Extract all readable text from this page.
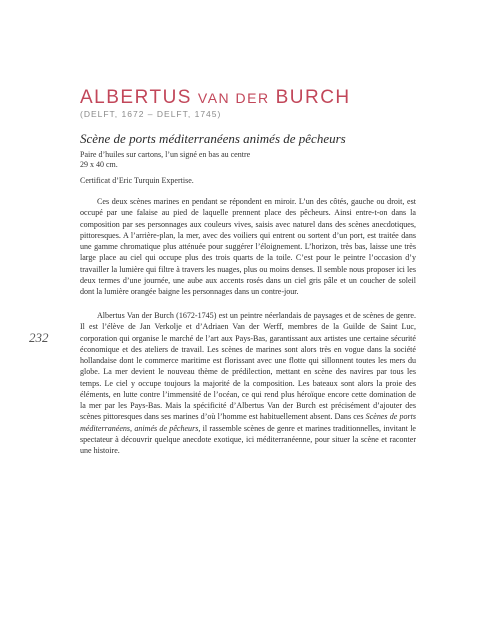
ALBERTUS VAN DER BURCH
(DELFT, 1672 – DELFT, 1745)
Scène de ports méditerranéens animés de pêcheurs
Paire d’huiles sur cartons, l’un signé en bas au centre
29 x 40 cm.
Certificat d’Eric Turquin Expertise.

Ces deux scènes marines en pendant se répondent en miroir. L’un des côtés, gauche ou droit, est occupé par une falaise au pied de laquelle prennent place des pêcheurs. Ainsi entre-t-on dans la composition par ses personnages aux couleurs vives, saisis avec naturel dans des scènes anecdotiques, pittoresques. A l’arrière-plan, la mer, avec des voiliers qui entrent ou sortent d’un port, est traitée dans une gamme chromatique plus atténuée pour suggérer l’éloignement. L’horizon, très bas, laisse une très large place au ciel qui occupe plus des trois quarts de la toile. C’est pour le peintre l’occasion d’y travailler la lumière qui filtre à travers les nuages, plus ou moins denses. Il semble nous proposer ici les deux termes d’une journée, une aube aux accents rosés dans un ciel gris pâle et un coucher de soleil dont la lumière orangée baigne les personnages dans un contre-jour.

Albertus Van der Burch (1672-1745) est un peintre néerlandais de paysages et de scènes de genre. Il est l’élève de Jan Verkolje et d’Adriaen Van der Werff, membres de la Guilde de Saint Luc, corporation qui organise le marché de l’art aux Pays-Bas, garantissant aux artistes une certaine sécurité économique et des ateliers de travail. Les scènes de marines sont alors très en vogue dans la société hollandaise dont le commerce maritime est florissant avec une flotte qui sillonnent toutes les mers du globe. La mer devient le nouveau thème de prédilection, mettant en scène des navires par tous les temps. Le ciel y occupe toujours la majorité de la composition. Les bateaux sont alors la proie des éléments, en lutte contre l’immensité de l’océan, ce qui rend plus héroïque encore cette domination de la mer par les Pays-Bas. Mais la spécificité d’Albertus Van der Burch est précisément d’ajouter des scènes pittoresques dans ses marines d’où l’homme est habituellement absent. Dans ces Scènes de ports méditerranéens, animés de pêcheurs, il rassemble scènes de genre et marines traditionnelles, invitant le spectateur à découvrir quelque anecdote exotique, ici méditerranéenne, pour situer la scène et raconter une histoire.

232
